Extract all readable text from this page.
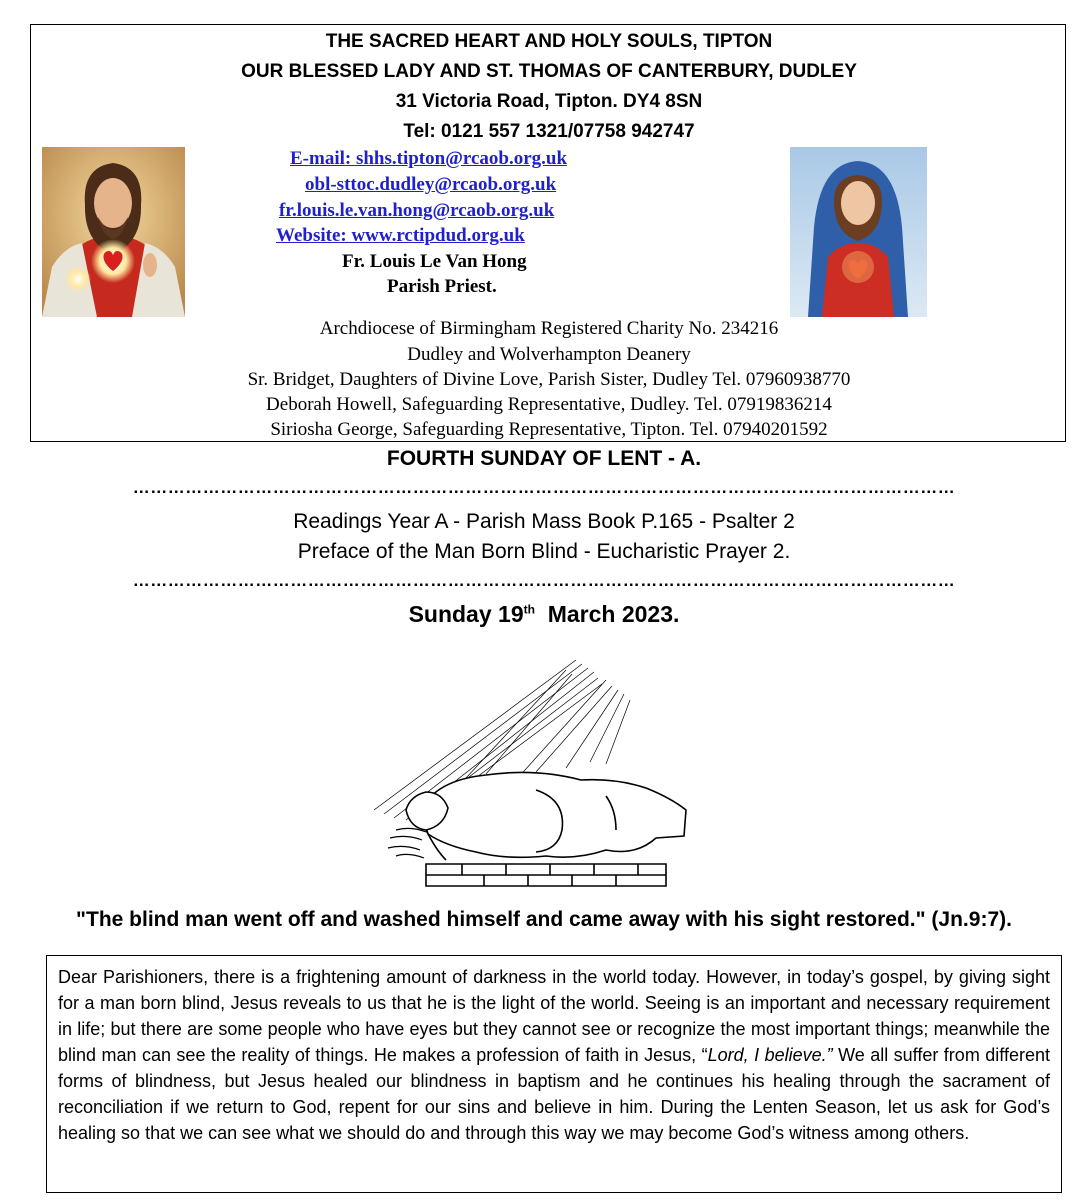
THE SACRED HEART AND HOLY SOULS, TIPTON
OUR BLESSED LADY AND ST. THOMAS OF CANTERBURY, DUDLEY
31 Victoria Road, Tipton. DY4 8SN
Tel: 0121 557 1321/07758 942747
E-mail: shhs.tipton@rcaob.org.uk
obl-sttoc.dudley@rcaob.org.uk
fr.louis.le.van.hong@rcaob.org.uk
Website: www.rctipdud.org.uk
Fr. Louis Le Van Hong
Parish Priest.
Archdiocese of Birmingham Registered Charity No. 234216
Dudley and Wolverhampton Deanery
Sr. Bridget, Daughters of Divine Love, Parish Sister, Dudley Tel. 07960938770
Deborah Howell, Safeguarding Representative, Dudley. Tel. 07919836214
Siriosha George, Safeguarding Representative, Tipton. Tel. 07940201592
FOURTH SUNDAY OF LENT - A.
……………………………………………………………………………………………………………………………
Readings Year A - Parish Mass Book P.165 - Psalter 2
Preface of the Man Born Blind - Eucharistic Prayer 2.
……………………………………………………………………………………………………………………………
Sunday 19th March 2023.
"The blind man went off and washed himself and came away with his sight restored." (Jn.9:7).
Dear Parishioners, there is a frightening amount of darkness in the world today. However, in today’s gospel, by giving sight for a man born blind, Jesus reveals to us that he is the light of the world. Seeing is an important and necessary requirement in life; but there are some people who have eyes but they cannot see or recognize the most important things; meanwhile the blind man can see the reality of things. He makes a profession of faith in Jesus, “Lord, I believe.” We all suffer from different forms of blindness, but Jesus healed our blindness in baptism and he continues his healing through the sacrament of reconciliation if we return to God, repent for our sins and believe in him. During the Lenten Season, let us ask for God’s healing so that we can see what we should do and through this way we may become God’s witness among others.
